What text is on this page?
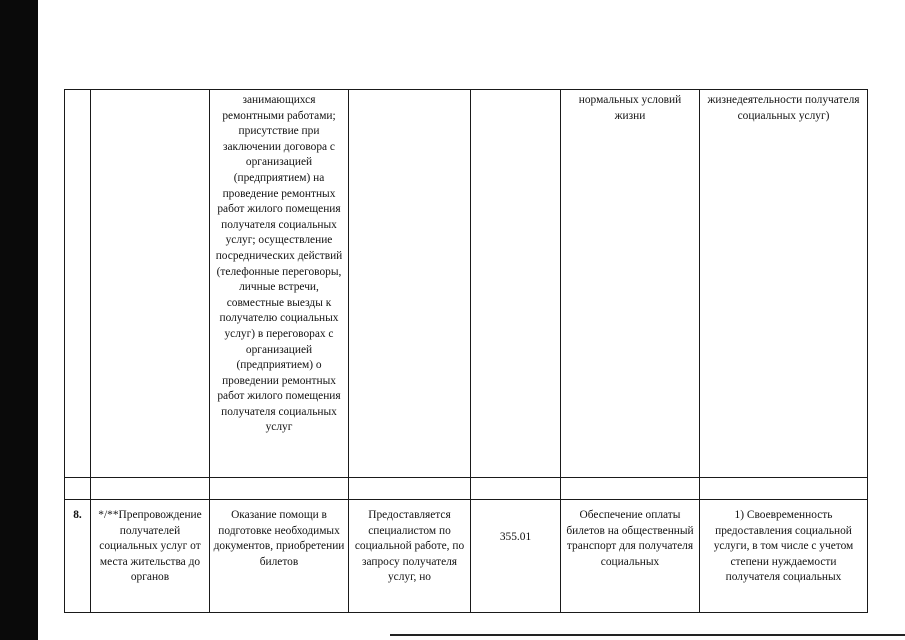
		занимающихся ремонтными работами; присутствие при заключении договора с организацией (предприятием) на проведение ремонтных работ жилого помещения получателя социальных услуг; осуществление посреднических действий (телефонные переговоры, личные встречи, совместные выезды к получателю социальных услуг) в переговорах с организацией (предприятием) о проведении ремонтных работ жилого помещения получателя социальных услуг			нормальных условий жизни	жизнедеятельности получателя социальных услуг)

8.	*/**Препровождение получателей социальных услуг от места жительства до органов	Оказание помощи в подготовке необходимых документов, приобретении билетов	Предоставляется специалистом по социальной работе, по запросу получателя услуг, но	355.01	Обеспечение оплаты билетов на общественный транспорт для получателя социальных	1) Своевременность предоставления социальной услуги, в том числе с учетом степени нуждаемости получателя социальных
